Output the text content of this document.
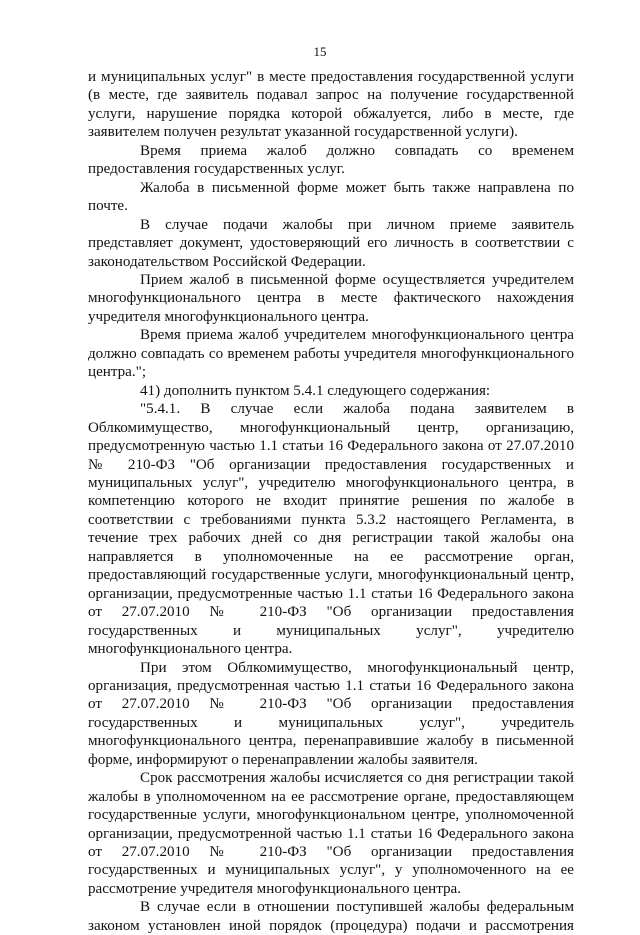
15

и муниципальных услуг" в месте предоставления государственной услуги (в месте, где заявитель подавал запрос на получение государственной услуги, нарушение порядка которой обжалуется, либо в месте, где заявителем получен результат указанной государственной услуги).

Время приема жалоб должно совпадать со временем предоставления государственных услуг.

Жалоба в письменной форме может быть также направлена по почте.

В случае подачи жалобы при личном приеме заявитель представляет документ, удостоверяющий его личность в соответствии с законодательством Российской Федерации.

Прием жалоб в письменной форме осуществляется учредителем многофункционального центра в месте фактического нахождения учредителя многофункционального центра.

Время приема жалоб учредителем многофункционального центра должно совпадать со временем работы учредителя многофункционального центра.";

41) дополнить пунктом 5.4.1 следующего содержания:

"5.4.1. В случае если жалоба подана заявителем в Облкомимущество, многофункциональный центр, организацию, предусмотренную частью 1.1 статьи 16 Федерального закона от 27.07.2010 № 210-ФЗ "Об организации предоставления государственных и муниципальных услуг", учредителю многофункционального центра, в компетенцию которого не входит принятие решения по жалобе в соответствии с требованиями пункта 5.3.2 настоящего Регламента, в течение трех рабочих дней со дня регистрации такой жалобы она направляется в уполномоченные на ее рассмотрение орган, предоставляющий государственные услуги, многофункциональный центр, организации, предусмотренные частью 1.1 статьи 16 Федерального закона от 27.07.2010 № 210-ФЗ "Об организации предоставления государственных и муниципальных услуг", учредителю многофункционального центра.

При этом Облкомимущество, многофункциональный центр, организация, предусмотренная частью 1.1 статьи 16 Федерального закона от 27.07.2010 № 210-ФЗ "Об организации предоставления государственных и муниципальных услуг", учредитель многофункционального центра, перенаправившие жалобу в письменной форме, информируют о перенаправлении жалобы заявителя.

Срок рассмотрения жалобы исчисляется со дня регистрации такой жалобы в уполномоченном на ее рассмотрение органе, предоставляющем государственные услуги, многофункциональном центре, уполномоченной организации, предусмотренной частью 1.1 статьи 16 Федерального закона от 27.07.2010 № 210-ФЗ "Об организации предоставления государственных и муниципальных услуг", у уполномоченного на ее рассмотрение учредителя многофункционального центра.

В случае если в отношении поступившей жалобы федеральным законом установлен иной порядок (процедура) подачи и рассмотрения
